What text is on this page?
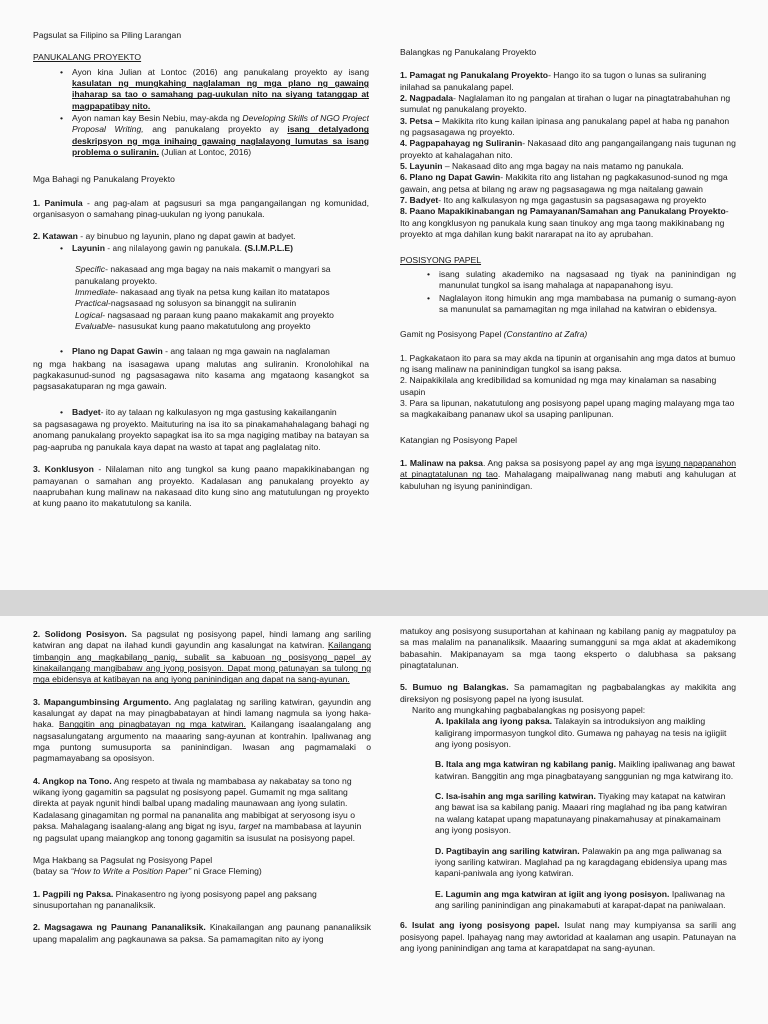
Pagsulat sa Filipino sa Piling Larangan

PANUKALANG PROYEKTO

• Ayon kina Julian at Lontoc (2016) ang panukalang proyekto ay isang kasulatan ng mungkahing naglalaman ng mga plano ng gawaing ihaharap sa tao o samahang pag-uukulan nito na siyang tatanggap at magpapatibay nito.
• Ayon naman kay Besin Nebiu, may-akda ng Developing Skills of NGO Project Proposal Writing, ang panukalang proyekto ay isang detalyadong deskripsyon ng mga inihaing gawaing naglalayong lumutas sa isang problema o suliranin. (Julian at Lontoc, 2016)

Mga Bahagi ng Panukalang Proyekto

1. Panimula - ang pag-alam at pagsusuri sa mga pangangailangan ng komunidad, organisasyon o samahang pinag-uukulan ng iyong panukala.

2. Katawan - ay binubuo ng layunin, plano ng dapat gawin at badyet.

• Layunin - ang nilalayong gawin ng panukala. (S.I.M.P.L.E)

Specific- nakasaad ang mga bagay na nais makamit o mangyari sa panukalang proyekto.

Immediate- nakasaad ang tiyak na petsa kung kailan ito matatapos

Practical-nagsasaad ng solusyon sa binanggit na suliranin

Logical- nagsasaad ng paraan kung paano makakamit ang proyekto

Evaluable- nasusukat kung paano makatutulong ang proyekto

• Plano ng Dapat Gawin - ang talaan ng mga gawain na naglalaman

ng mga hakbang na isasagawa upang malutas ang suliranin. Kronolohikal na pagkakasunud-sunod ng pagsasagawa nito kasama ang mgataong kasangkot sa pagsasakatuparan ng mga gawain.

• Badyet- ito ay talaan ng kalkulasyon ng mga gastusing kakailanganin

sa pagsasagawa ng proyekto. Maituturing na isa ito sa pinakamahahalagang bahagi ng anomang panukalang proyekto sapagkat isa ito sa mga nagiging matibay na batayan sa pag-aapruba ng panukala kaya dapat na wasto at tapat ang paglalatag nito.

3. Konklusyon - Nilalaman nito ang tungkol sa kung paano mapakikinabangan ng pamayanan o samahan ang proyekto. Kadalasan ang panukalang proyekto ay naaprubahan kung malinaw na nakasaad dito kung sino ang matutulungan ng proyekto at kung paano ito makatutulong sa kanila.

Balangkas ng Panukalang Proyekto

1. Pamagat ng Panukalang Proyekto- Hango ito sa tugon o lunas sa suliraning inilahad sa panukalang papel.

2. Nagpadala- Naglalaman ito ng pangalan at tirahan o lugar na pinagtatrabahuhan ng sumulat ng panukalang proyekto.

3. Petsa – Makikita rito kung kailan ipinasa ang panukalang papel at haba ng panahon ng pagsasagawa ng proyekto.

4. Pagpapahayag ng Suliranin- Nakasaad dito ang pangangailangang nais tugunan ng proyekto at kahalagahan nito.

5. Layunin – Nakasaad dito ang mga bagay na nais matamo ng panukala.

6. Plano ng Dapat Gawin- Makikita rito ang listahan ng pagkakasunod-sunod ng mga gawain, ang petsa at bilang ng araw ng pagsasagawa ng mga naitalang gawain

7. Badyet- Ito ang kalkulasyon ng mga gagastusin sa pagsasagawa ng proyekto

8. Paano Mapakikinabangan ng Pamayanan/Samahan ang Panukalang Proyekto- Ito ang kongklusyon ng panukala kung saan tinukoy ang mga taong makikinabang ng proyekto at mga dahilan kung bakit nararapat na ito ay aprubahan.

POSISYONG PAPEL

• isang sulating akademiko na nagsasaad ng tiyak na paninindigan ng manunulat tungkol sa isang mahalaga at napapanahong isyu.
• Naglalayon itong himukin ang mga mambabasa na pumanig o sumang-ayon sa manunulat sa pamamagitan ng mga inilahad na katwiran o ebidensya.

Gamit ng Posisyong Papel (Constantino at Zafra)

1. Pagkakataon ito para sa may akda na tipunin at organisahin ang mga datos at bumuo ng isang malinaw na paninindigan tungkol sa isang paksa.

2. Naipakikilala ang kredibilidad sa komunidad ng mga may kinalaman sa nasabing usapin

3. Para sa lipunan, nakatutulong ang posisyong papel upang maging malayang mga tao sa magkakaibang pananaw ukol sa usaping panlipunan.

Katangian ng Posisyong Papel

1. Malinaw na paksa. Ang paksa sa posisyong papel ay ang mga isyung napapanahon at pinagtatalunan ng tao. Mahalagang maipaliwanag nang mabuti ang kahulugan at kabuluhan ng isyung paninindigan.

2. Solidong Posisyon. Sa pagsulat ng posisyong papel, hindi lamang ang sariling katwiran ang dapat na ilahad kundi gayundin ang kasalungat na katwiran. Kailangang timbangin ang magkabilang panig, subalit sa kabuoan ng posisyong papel ay kinakailangang mangibabaw ang iyong posisyon. Dapat mong patunayan sa tulong ng mga ebidensya at katibayan na ang iyong paninindigan ang dapat na sang-ayunan.

3. Mapangumbinsing Argumento. Ang paglalatag ng sariling katwiran, gayundin ang kasalungat ay dapat na may pinagbabatayan at hindi lamang nagmula sa iyong haka-haka. Banggitin ang pinagbatayan ng mga katwiran. Kailangang isaalangalang ang nagsasalungatang argumento na maaaring sang-ayunan at kontrahin. Ipaliwanag ang mga puntong sumusuporta sa paninindigan. Iwasan ang pagmamalaki o pagmamayabang sa oposisyon.

4. Angkop na Tono. Ang respeto at tiwala ng mambabasa ay nakabatay sa tono ng wikang iyong gagamitin sa pagsulat ng posisyong papel. Gumamit ng mga salitang direkta at payak ngunit hindi balbal upang madaling maunawaan ang iyong sulatin. Kadalasang ginagamitan ng pormal na pananalita ang mabibigat at seryosong isyu o paksa. Mahalagang isaalang-alang ang bigat ng isyu, target na mambabasa at layunin ng pagsulat upang maiangkop ang tonong gagamitin sa isusulat na posisyong papel.

Mga Hakbang sa Pagsulat ng Posisyong Papel

(batay sa “How to Write a Position Paper” ni Grace Fleming)

1. Pagpili ng Paksa. Pinakasentro ng iyong posisyong papel ang paksang sinusuportahan ng pananaliksik.

2. Magsagawa ng Paunang Pananaliksik. Kinakailangan ang paunang pananaliksik upang mapalalim ang pagkaunawa sa paksa. Sa pamamagitan nito ay iyong

matukoy ang posisyong susuportahan at kahinaan ng kabilang panig ay magpatuloy pa sa mas malalim na pananaliksik. Maaaring sumangguni sa mga aklat at akademikong babasahin. Makipanayam sa mga taong eksperto o dalubhasa sa paksang pinagtatalunan.

5. Bumuo ng Balangkas. Sa pamamagitan ng pagbabalangkas ay makikita ang direksiyon ng posisyong papel na iyong isusulat.

Narito ang mungkahing pagbabalangkas ng posisyong papel:

A. Ipakilala ang iyong paksa. Talakayin sa introduksiyon ang maikling kaligirang impormasyon tungkol dito. Gumawa ng pahayag na tesis na igiigiit ang iyong posisyon.

B. Itala ang mga katwiran ng kabilang panig. Maikling ipaliwanag ang bawat katwiran. Banggitin ang mga pinagbatayang sanggunian ng mga katwirang ito.

C. Isa-isahin ang mga sariling katwiran. Tiyaking may katapat na katwiran ang bawat isa sa kabilang panig. Maaari ring maglahad ng iba pang katwiran na walang katapat upang mapatunayang pinakamahusay at pinakamainam ang iyong posisyon.

D. Pagtibayin ang sariling katwiran. Palawakin pa ang mga paliwanag sa iyong sariling katwiran. Maglahad pa ng karagdagang ebidensiya upang mas kapani-paniwala ang iyong katwiran.

E. Lagumin ang mga katwiran at igiit ang iyong posisyon. Ipaliwanag na ang sariling paninindigan ang pinakamabuti at karapat-dapat na paniwalaan.

6. Isulat ang iyong posisyong papel. Isulat nang may kumpiyansa sa sarili ang posisyong papel. Ipahayag nang may awtoridad at kaalaman ang usapin. Patunayan na ang iyong paninindigan ang tama at karapatdapat na sang-ayunan.
